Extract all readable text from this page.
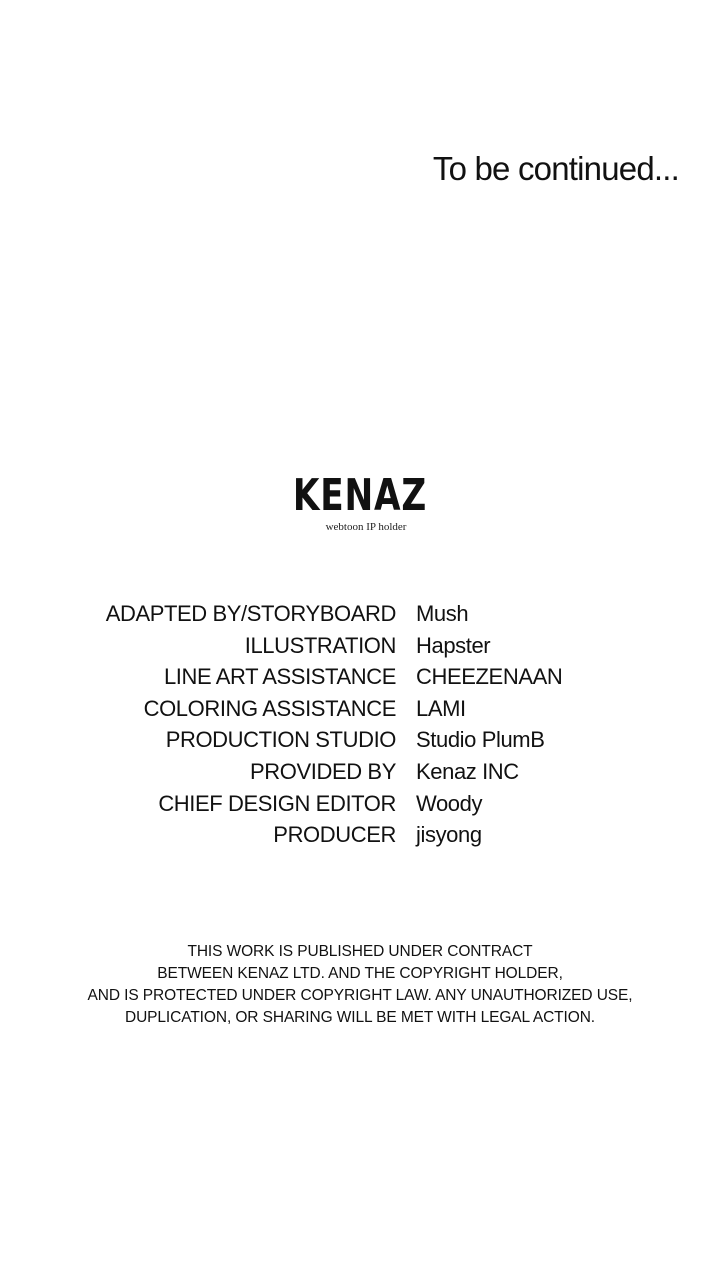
To be continued...
KENAZ
webtoon IP holder
ADAPTED BY/STORYBOARD Mush
ILLUSTRATION Hapster
LINE ART ASSISTANCE CHEEZENAAN
COLORING ASSISTANCE LAMI
PRODUCTION STUDIO Studio PlumB
PROVIDED BY Kenaz INC
CHIEF DESIGN EDITOR Woody
PRODUCER jisyong
THIS WORK IS PUBLISHED UNDER CONTRACT
BETWEEN KENAZ LTD. AND THE COPYRIGHT HOLDER,
AND IS PROTECTED UNDER COPYRIGHT LAW. ANY UNAUTHORIZED USE,
DUPLICATION, OR SHARING WILL BE MET WITH LEGAL ACTION.
